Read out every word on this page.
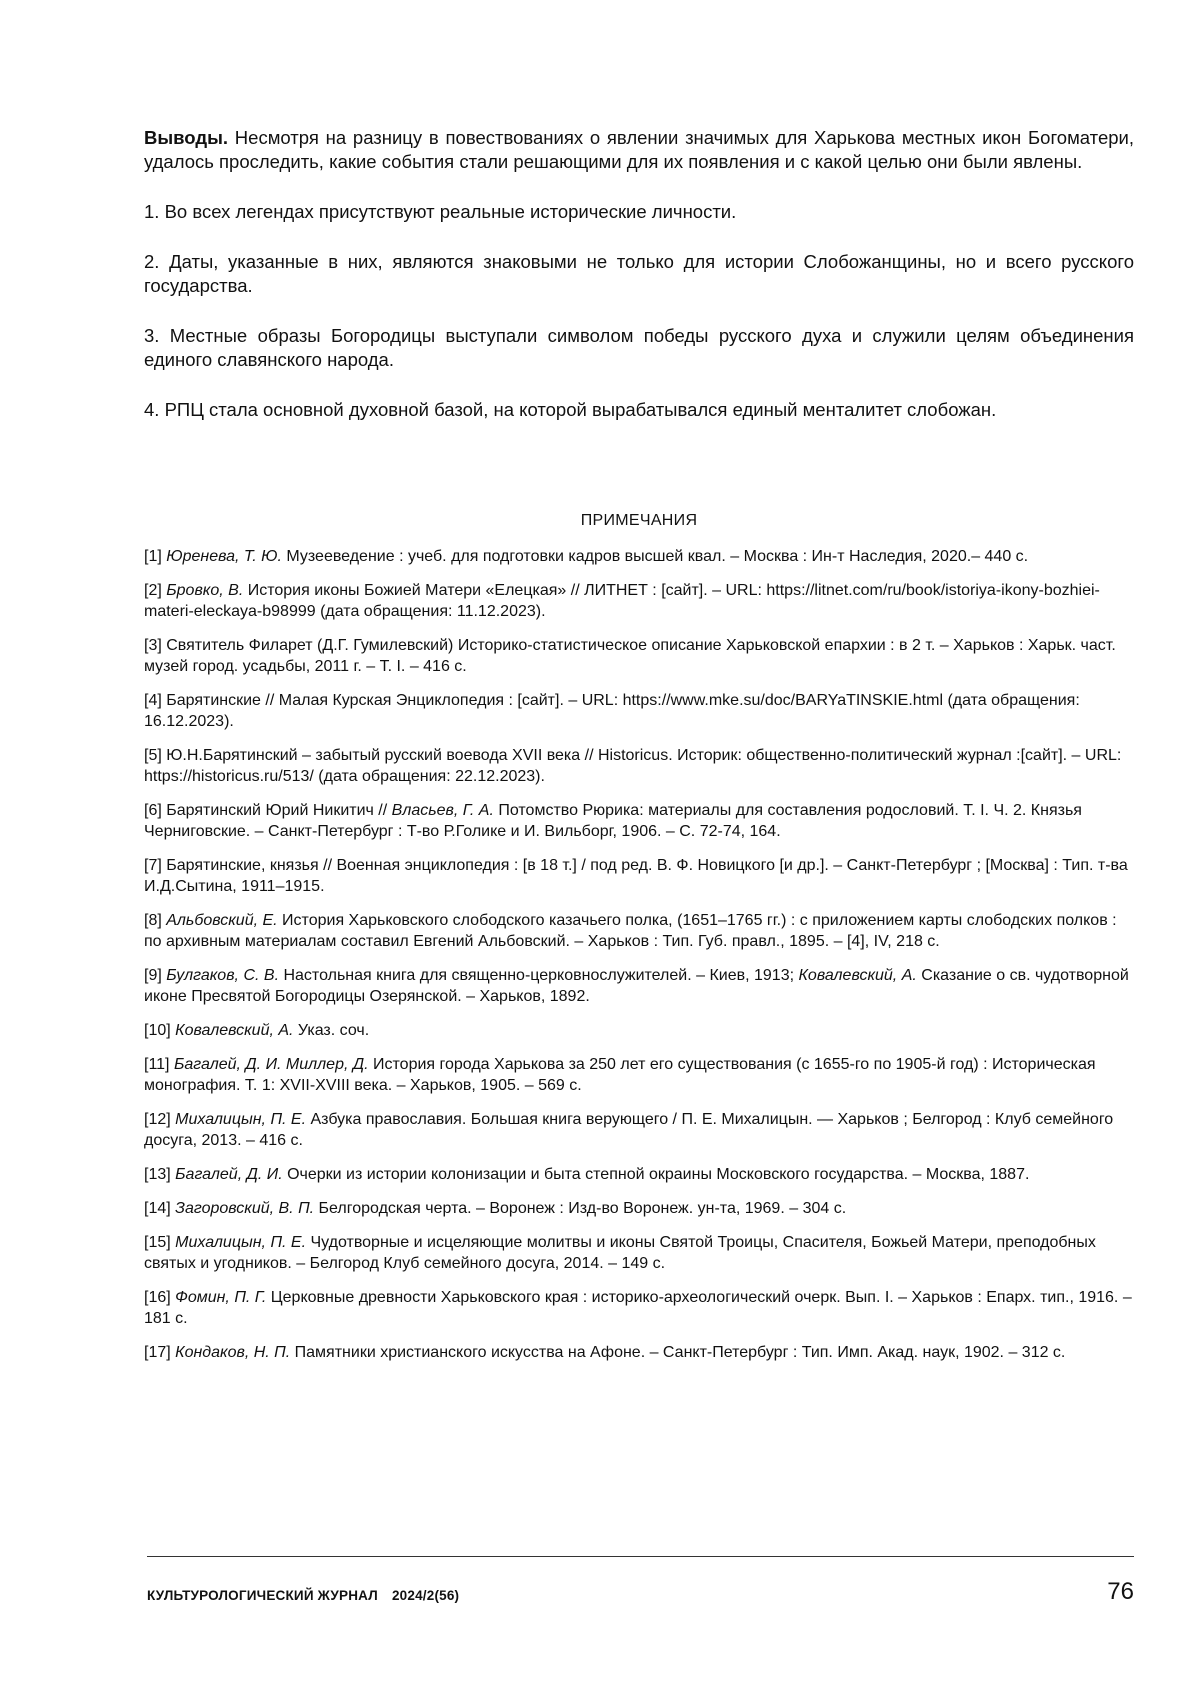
Выводы. Несмотря на разницу в повествованиях о явлении значимых для Харькова местных икон Богоматери, удалось проследить, какие события стали решающими для их появления и с какой целью они были явлены.

1. Во всех легендах присутствуют реальные исторические личности.

2. Даты, указанные в них, являются знаковыми не только для истории Слобожанщины, но и всего русского государства.

3. Местные образы Богородицы выступали символом победы русского духа и служили целям объединения единого славянского народа.

4. РПЦ стала основной духовной базой, на которой вырабатывался единый менталитет слобожан.

ПРИМЕЧАНИЯ

[1] Юренева, Т. Ю. Музееведение : учеб. для подготовки кадров высшей квал. – Москва : Ин-т Наследия, 2020.– 440 с.

[2] Бровко, В. История иконы Божией Матери «Елецкая» // ЛИТНЕТ : [сайт]. – URL: https://litnet.com/ru/book/istoriya-ikony-bozhiei-materi-eleckaya-b98999 (дата обращения: 11.12.2023).

[3] Святитель Филарет (Д.Г. Гумилевский) Историко-статистическое описание Харьковской епархии : в 2 т. – Харьков : Харьк. част. музей город. усадьбы, 2011 г. – Т. I. – 416 с.

[4] Барятинские // Малая Курская Энциклопедия : [сайт]. – URL: https://www.mke.su/doc/BARYaTINSKIE.html (дата обращения: 16.12.2023).

[5] Ю.Н.Барятинский – забытый русский воевода XVII века // Historicus. Историк: общественно-политический журнал :[сайт]. – URL: https://historicus.ru/513/ (дата обращения: 22.12.2023).

[6] Барятинский Юрий Никитич // Власьев, Г. А. Потомство Рюрика: материалы для составления родословий. Т. I. Ч. 2. Князья Черниговские. – Санкт-Петербург : Т-во Р.Голике и И. Вильборг, 1906. – С. 72-74, 164.

[7] Барятинские, князья // Военная энциклопедия : [в 18 т.] / под ред. В. Ф. Новицкого [и др.]. – Санкт-Петербург ; [Москва] : Тип. т-ва И.Д.Сытина, 1911–1915.

[8] Альбовский, Е. История Харьковского слободского казачьего полка, (1651–1765 гг.) : с приложением карты слободских полков : по архивным материалам составил Евгений Альбовский. – Харьков : Тип. Губ. правл., 1895. – [4], IV, 218 с.

[9] Булгаков, С. В. Настольная книга для священно-церковнослужителей. – Киев, 1913; Ковалевский, А. Сказание о св. чудотворной иконе Пресвятой Богородицы Озерянской. – Харьков, 1892.

[10] Ковалевский, А. Указ. соч.

[11] Багалей, Д. И. Миллер, Д. История города Харькова за 250 лет его существования (с 1655-го по 1905-й год) : Историческая монография. Т. 1: XVII-XVIII века. – Харьков, 1905. – 569 с.

[12] Михалицын, П. Е. Азбука православия. Большая книга верующего / П. Е. Михалицын. — Харьков ; Белгород : Клуб семейного досуга, 2013. – 416 с.

[13] Багалей, Д. И. Очерки из истории колонизации и быта степной окраины Московского государства. – Москва, 1887.

[14] Загоровский, В. П. Белгородская черта. – Воронеж : Изд-во Воронеж. ун-та, 1969. – 304 с.

[15] Михалицын, П. Е. Чудотворные и исцеляющие молитвы и иконы Святой Троицы, Спасителя, Божьей Матери, преподобных святых и угодников. – Белгород Клуб семейного досуга, 2014. – 149 с.

[16] Фомин, П. Г. Церковные древности Харьковского края : историко-археологический очерк. Вып. I. – Харьков : Епарх. тип., 1916. – 181 с.

[17] Кондаков, Н. П. Памятники христианского искусства на Афоне. – Санкт-Петербург : Тип. Имп. Акад. наук, 1902. – 312 с.

КУЛЬТУРОЛОГИЧЕСКИЙ ЖУРНАЛ 2024/2(56)	76
